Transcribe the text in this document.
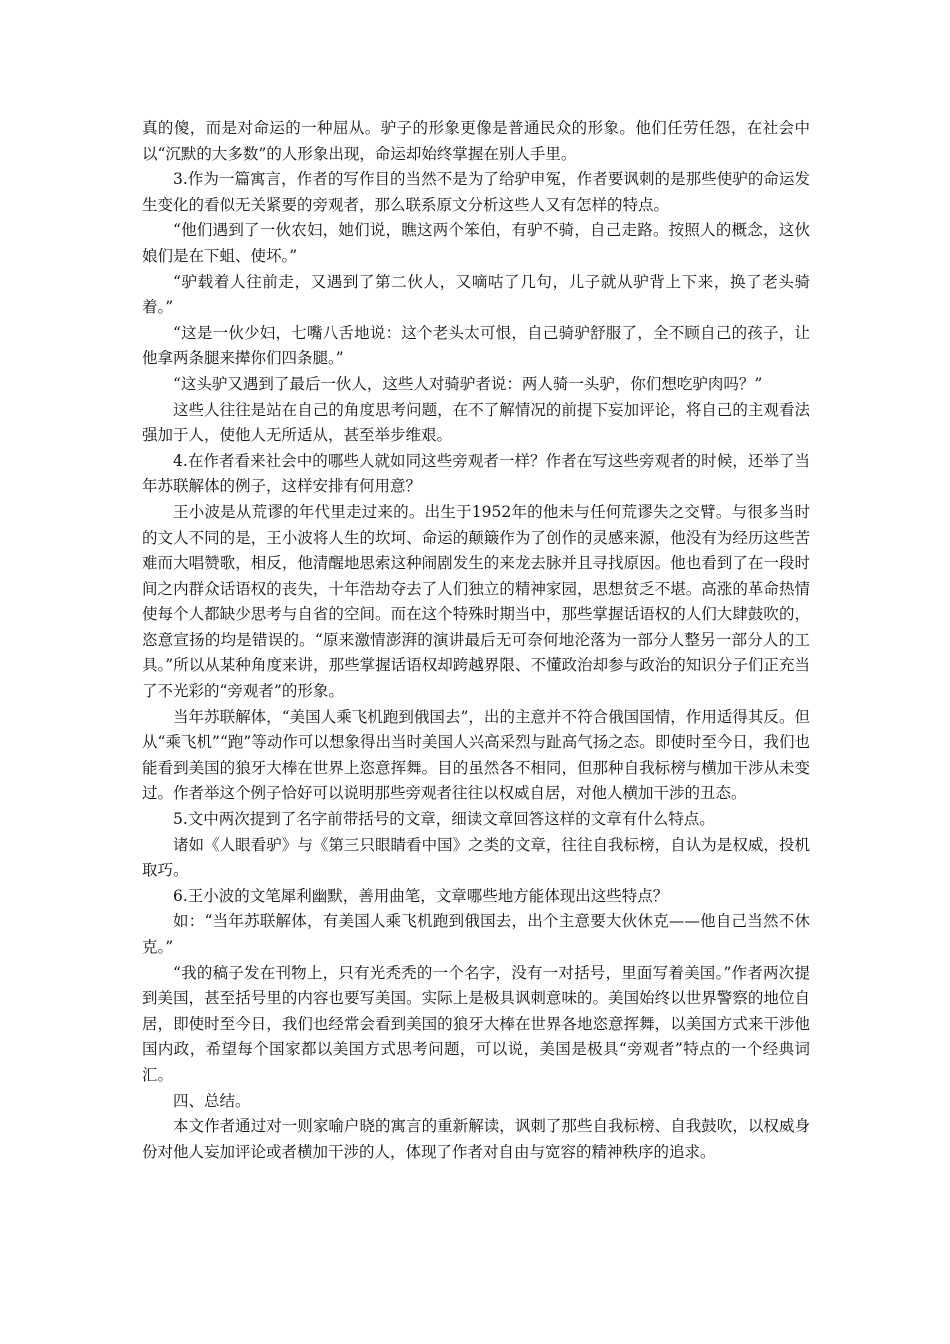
真的傻，而是对命运的一种屈从。驴子的形象更像是普通民众的形象。他们任劳任怨，在社会中以“沉默的大多数”的人形象出现，命运却始终掌握在别人手里。

3.作为一篇寓言，作者的写作目的当然不是为了给驴申冤，作者要讽刺的是那些使驴的命运发生变化的看似无关紧要的旁观者，那么联系原文分析这些人又有怎样的特点。

“他们遇到了一伙农妇，她们说，瞧这两个笨伯，有驴不骑，自己走路。按照人的概念，这伙娘们是在下蛆、使坏。”

“驴载着人往前走，又遇到了第二伙人，又嘀咕了几句，儿子就从驴背上下来，换了老头骑着。”

“这是一伙少妇，七嘴八舌地说：这个老头太可恨，自己骑驴舒服了，全不顾自己的孩子，让他拿两条腿来撵你们四条腿。”

“这头驴又遇到了最后一伙人，这些人对骑驴者说：两人骑一头驴，你们想吃驴肉吗？”

这些人往往是站在自己的角度思考问题，在不了解情况的前提下妄加评论，将自己的主观看法强加于人，使他人无所适从，甚至举步维艰。

4.在作者看来社会中的哪些人就如同这些旁观者一样？作者在写这些旁观者的时候，还举了当年苏联解体的例子，这样安排有何用意？

王小波是从荒谬的年代里走过来的。出生于1952年的他未与任何荒谬失之交臂。与很多当时的文人不同的是，王小波将人生的坎坷、命运的颠簸作为了创作的灵感来源，他没有为经历这些苦难而大唱赞歌，相反，他清醒地思索这种闹剧发生的来龙去脉并且寻找原因。他也看到了在一段时间之内群众话语权的丧失，十年浩劫夺去了人们独立的精神家园，思想贫乏不堪。高涨的革命热情使每个人都缺少思考与自省的空间。而在这个特殊时期当中，那些掌握话语权的人们大肆鼓吹的，恣意宣扬的均是错误的。“原来激情澎湃的演讲最后无可奈何地沦落为一部分人整另一部分人的工具。”所以从某种角度来讲，那些掌握话语权却跨越界限、不懂政治却参与政治的知识分子们正充当了不光彩的“旁观者”的形象。

当年苏联解体，“美国人乘飞机跑到俄国去”，出的主意并不符合俄国国情，作用适得其反。但从“乘飞机”“跑”等动作可以想象得出当时美国人兴高采烈与趾高气扬之态。即使时至今日，我们也能看到美国的狼牙大棒在世界上恣意挥舞。目的虽然各不相同，但那种自我标榜与横加干涉从未变过。作者举这个例子恰好可以说明那些旁观者往往以权威自居，对他人横加干涉的丑态。

5.文中两次提到了名字前带括号的文章，细读文章回答这样的文章有什么特点。

诸如《人眼看驴》与《第三只眼睛看中国》之类的文章，往往自我标榜，自认为是权威，投机取巧。

6.王小波的文笔犀利幽默，善用曲笔，文章哪些地方能体现出这些特点？

如：“当年苏联解体，有美国人乘飞机跑到俄国去，出个主意要大伙休克——他自己当然不休克。”

“我的稿子发在刊物上，只有光秃秃的一个名字，没有一对括号，里面写着美国。”作者两次提到美国，甚至括号里的内容也要写美国。实际上是极具讽刺意味的。美国始终以世界警察的地位自居，即使时至今日，我们也经常会看到美国的狼牙大棒在世界各地恣意挥舞，以美国方式来干涉他国内政，希望每个国家都以美国方式思考问题，可以说，美国是极具“旁观者”特点的一个经典词汇。

四、总结。

本文作者通过对一则家喻户晓的寓言的重新解读，讽刺了那些自我标榜、自我鼓吹，以权威身份对他人妄加评论或者横加干涉的人，体现了作者对自由与宽容的精神秩序的追求。
